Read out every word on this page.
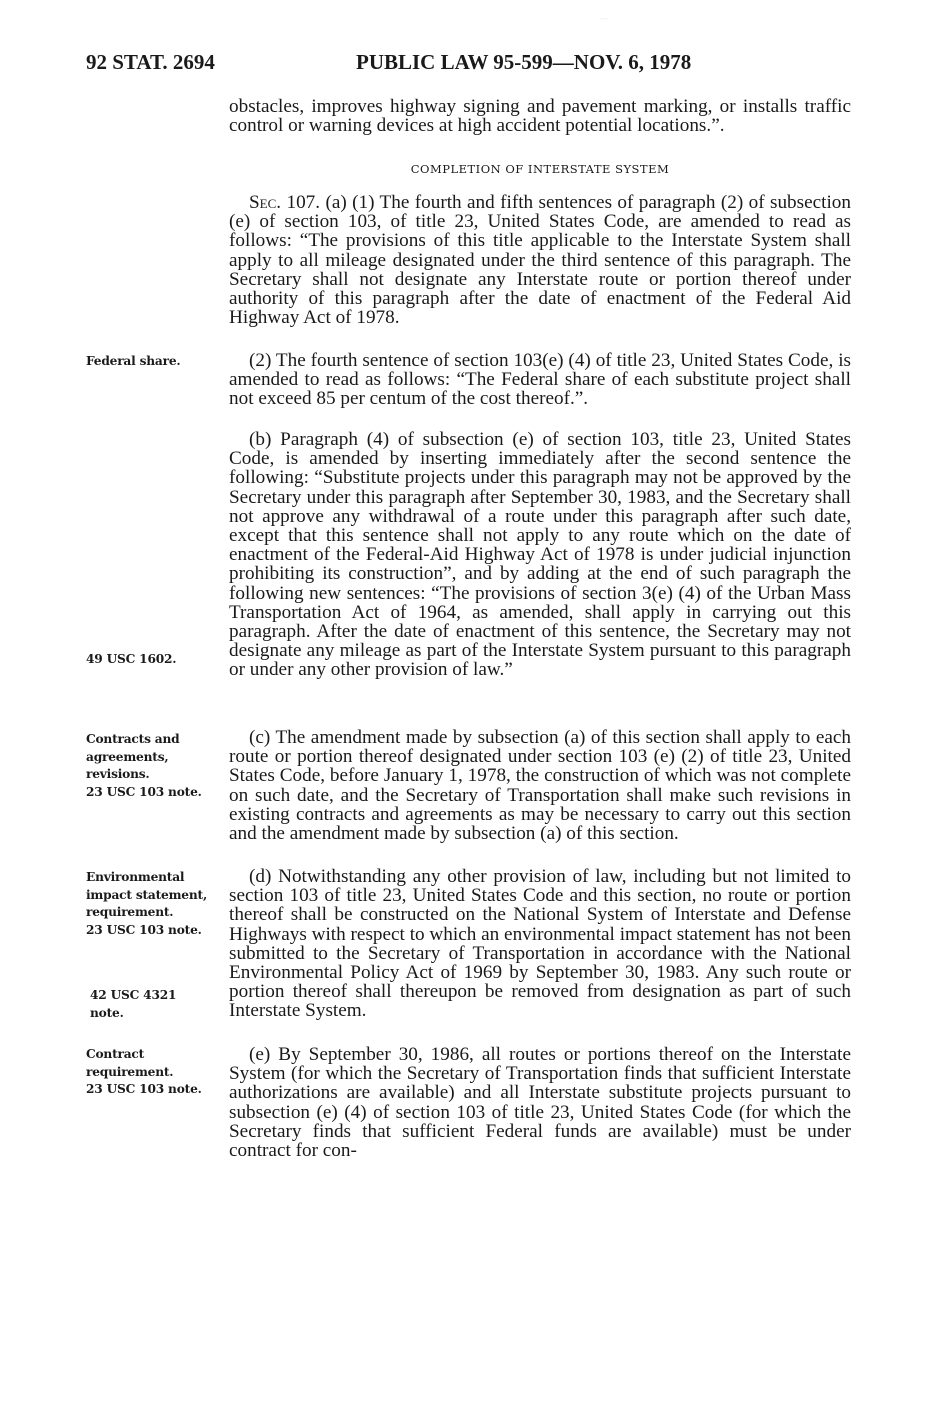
92 STAT. 2694	PUBLIC LAW 95-599—NOV. 6, 1978
—

obstacles, improves highway signing and pavement marking, or installs traffic control or warning devices at high accident potential locations.”.

COMPLETION OF INTERSTATE SYSTEM

Sec. 107. (a) (1) The fourth and fifth sentences of paragraph (2) of subsection (e) of section 103, of title 23, United States Code, are amended to read as follows: “The provisions of this title applicable to the Interstate System shall apply to all mileage designated under the third sentence of this paragraph. The Secretary shall not designate any Interstate route or portion thereof under authority of this paragraph after the date of enactment of the Federal Aid Highway Act of 1978.

(2) The fourth sentence of section 103(e) (4) of title 23, United States Code, is amended to read as follows: “The Federal share of each substitute project shall not exceed 85 per centum of the cost thereof.”.

(b) Paragraph (4) of subsection (e) of section 103, title 23, United States Code, is amended by inserting immediately after the second sentence the following: “Substitute projects under this paragraph may not be approved by the Secretary under this paragraph after September 30, 1983, and the Secretary shall not approve any withdrawal of a route under this paragraph after such date, except that this sentence shall not apply to any route which on the date of enactment of the Federal-Aid Highway Act of 1978 is under judicial injunction prohibiting its construction”, and by adding at the end of such paragraph the following new sentences: “The provisions of section 3(e) (4) of the Urban Mass Transportation Act of 1964, as amended, shall apply in carrying out this paragraph. After the date of enactment of this sentence, the Secretary may not designate any mileage as part of the Interstate System pursuant to this paragraph or under any other provision of law.”

(c) The amendment made by subsection (a) of this section shall apply to each route or portion thereof designated under section 103 (e) (2) of title 23, United States Code, before January 1, 1978, the construction of which was not complete on such date, and the Secretary of Transportation shall make such revisions in existing contracts and agreements as may be necessary to carry out this section and the amendment made by subsection (a) of this section.

(d) Notwithstanding any other provision of law, including but not limited to section 103 of title 23, United States Code and this section, no route or portion thereof shall be constructed on the National System of Interstate and Defense Highways with respect to which an environmental impact statement has not been submitted to the Secretary of Transportation in accordance with the National Environmental Policy Act of 1969 by September 30, 1983. Any such route or portion thereof shall thereupon be removed from designation as part of such Interstate System.

(e) By September 30, 1986, all routes or portions thereof on the Interstate System (for which the Secretary of Transportation finds that sufficient Interstate authorizations are available) and all Interstate substitute projects pursuant to subsection (e) (4) of section 103 of title 23, United States Code (for which the Secretary finds that sufficient Federal funds are available) must be under contract for con-

Federal share.
49 USC 1602.
Contracts and
agreements,
revisions.
23 USC 103 note.
Environmental
impact statement,
requirement.
23 USC 103 note.
42 USC 4321
note.
Contract
requirement.
23 USC 103 note.
